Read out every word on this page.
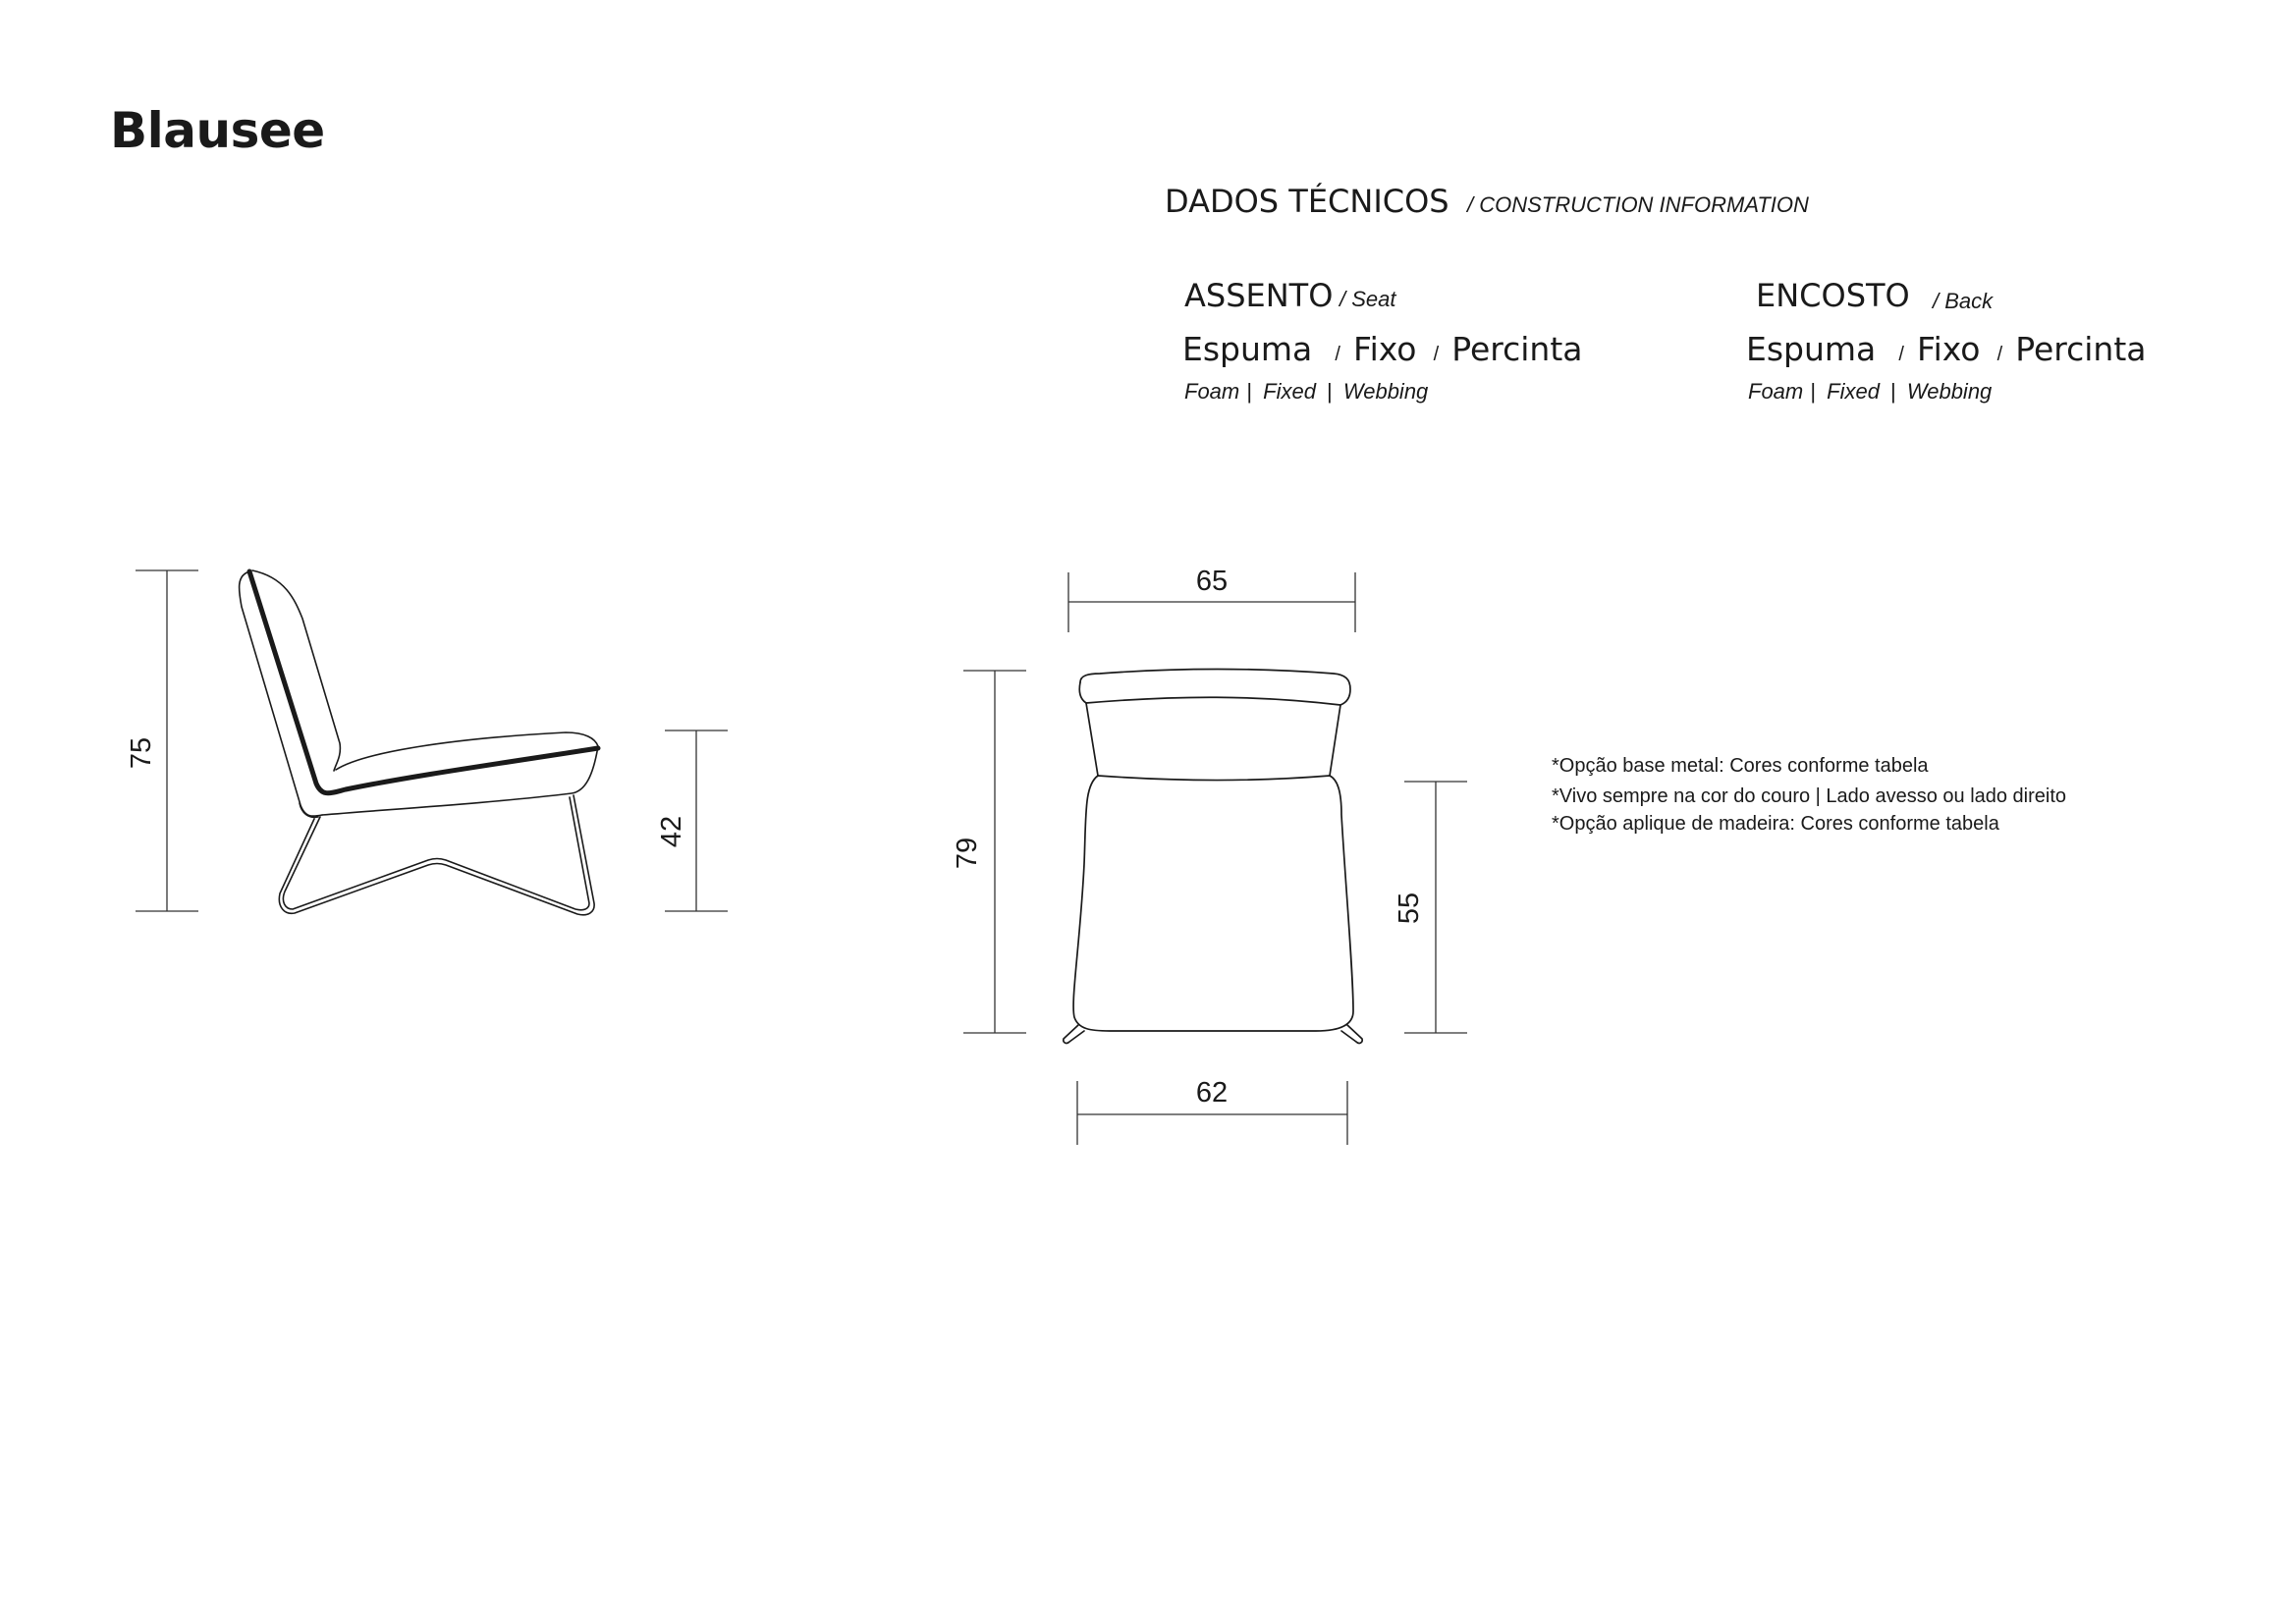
Blausee
DADOS TÉCNICOS / CONSTRUCTION INFORMATION
ASSENTO / Seat
Espuma / Fixo / Percinta
Foam | Fixed | Webbing
ENCOSTO / Back
Espuma / Fixo / Percinta
Foam | Fixed | Webbing
*Opção base metal: Cores conforme tabela
*Vivo sempre na cor do couro | Lado avesso ou lado direito
*Opção aplique de madeira: Cores conforme tabela
75
42
65
62
79
55
